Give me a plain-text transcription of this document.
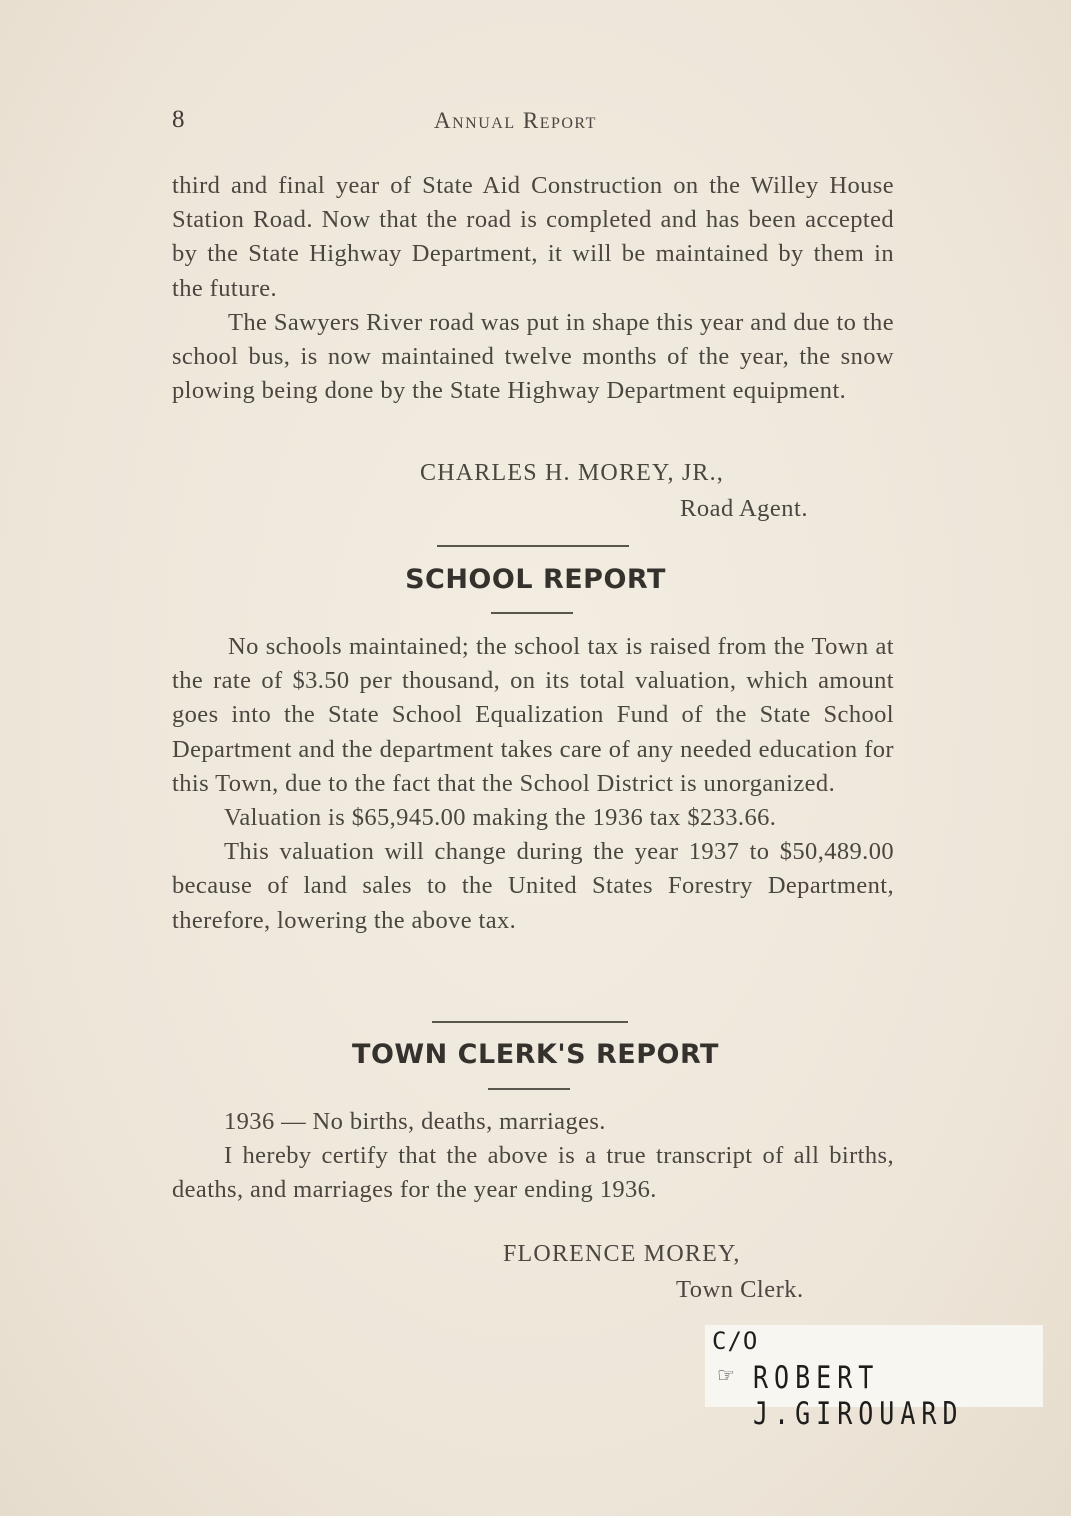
8	Annual Report

third and final year of State Aid Construction on the Willey House Station Road. Now that the road is completed and has been accepted by the State Highway Department, it will be maintained by them in the future.

The Sawyers River road was put in shape this year and due to the school bus, is now maintained twelve months of the year, the snow plowing being done by the State Highway Department equipment.

CHARLES H. MOREY, JR.,
Road Agent.
SCHOOL REPORT

No schools maintained; the school tax is raised from the Town at the rate of $3.50 per thousand, on its total valuation, which amount goes into the State School Equalization Fund of the State School Department and the department takes care of any needed education for this Town, due to the fact that the School District is unorganized.

Valuation is $65,945.00 making the 1936 tax $233.66.

This valuation will change during the year 1937 to $50,489.00 because of land sales to the United States Forestry Department, therefore, lowering the above tax.

TOWN CLERK'S REPORT

1936 — No births, deaths, marriages.

I hereby certify that the above is a true transcript of all births, deaths, and marriages for the year ending 1936.

FLORENCE MOREY,
Town Clerk.
C/O
☞ ROBERT J.GIROUARD
